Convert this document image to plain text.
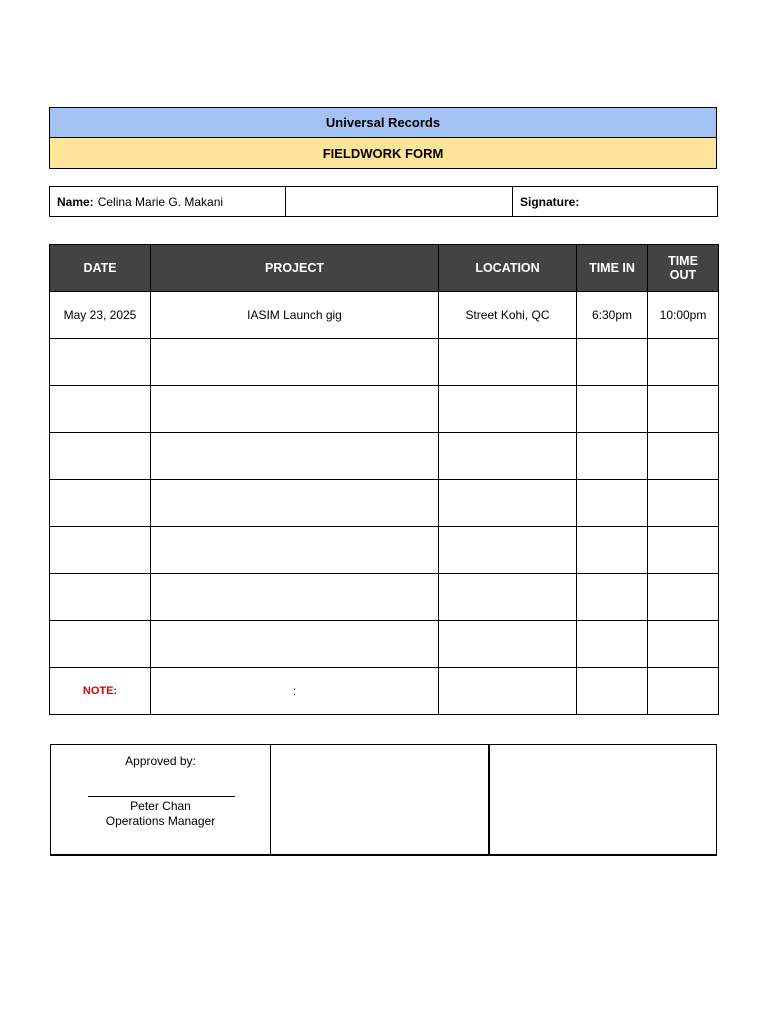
Universal Records
FIELDWORK FORM
Name: Celina Marie G. Makani	Signature:
DATE	PROJECT	LOCATION	TIME IN	TIME
OUT
May 23, 2025	IASIM Launch gig	Street Kohi, QC	6:30pm	10:00pm

NOTE:	:			
Approved by:
Peter Chan
Operations Manager
